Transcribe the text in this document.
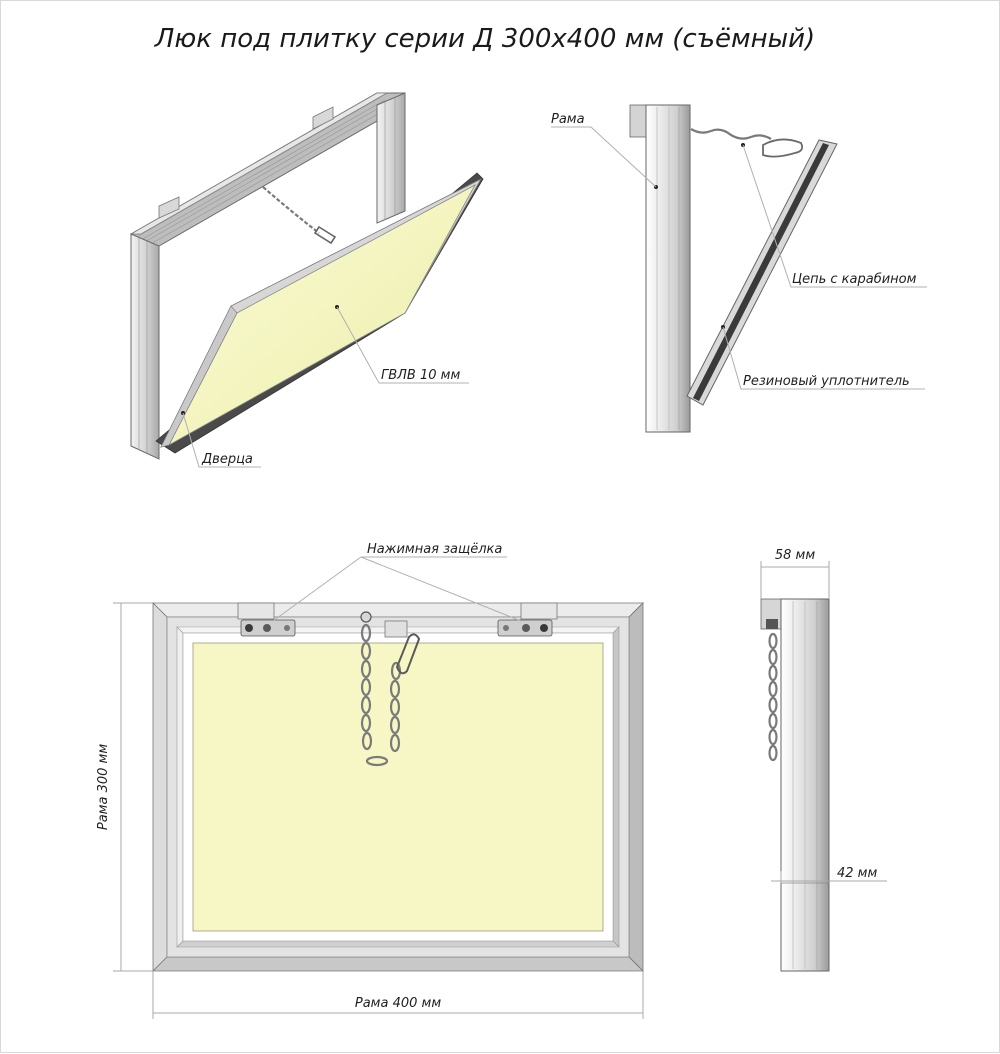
Люк под плитку серии Д 300х400 мм (съёмный)
ГВЛВ 10 мм
Дверца
Рама
Цепь с карабином
Резиновый уплотнитель
Нажимная защёлка
Рама 300 мм
Рама 400 мм
58 мм
42 мм
